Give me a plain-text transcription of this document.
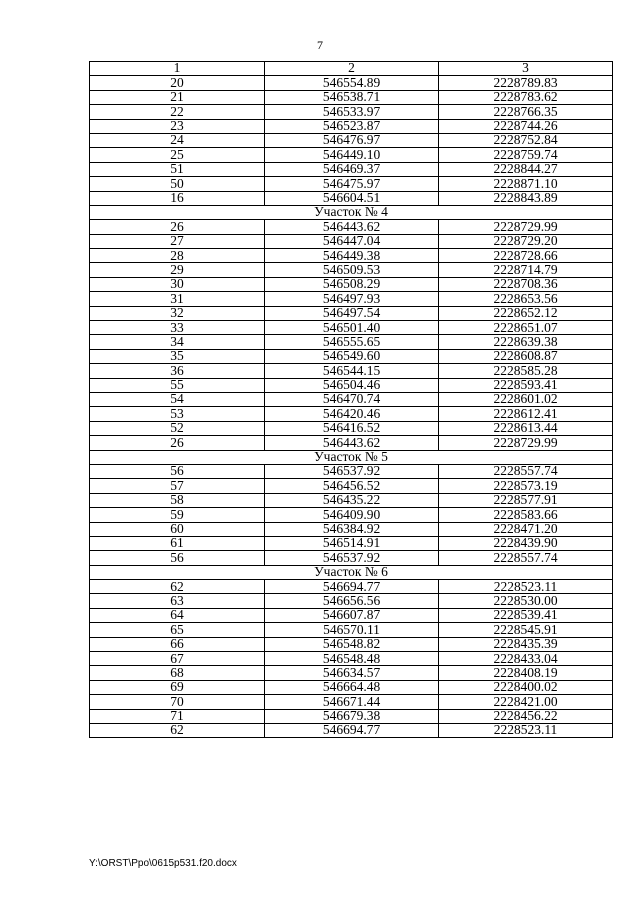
7
1	2	3
20	546554.89	2228789.83
21	546538.71	2228783.62
22	546533.97	2228766.35
23	546523.87	2228744.26
24	546476.97	2228752.84
25	546449.10	2228759.74
51	546469.37	2228844.27
50	546475.97	2228871.10
16	546604.51	2228843.89
Участок № 4		
26	546443.62	2228729.99
27	546447.04	2228729.20
28	546449.38	2228728.66
29	546509.53	2228714.79
30	546508.29	2228708.36
31	546497.93	2228653.56
32	546497.54	2228652.12
33	546501.40	2228651.07
34	546555.65	2228639.38
35	546549.60	2228608.87
36	546544.15	2228585.28
55	546504.46	2228593.41
54	546470.74	2228601.02
53	546420.46	2228612.41
52	546416.52	2228613.44
26	546443.62	2228729.99
Участок № 5		
56	546537.92	2228557.74
57	546456.52	2228573.19
58	546435.22	2228577.91
59	546409.90	2228583.66
60	546384.92	2228471.20
61	546514.91	2228439.90
56	546537.92	2228557.74
Участок № 6		
62	546694.77	2228523.11
63	546656.56	2228530.00
64	546607.87	2228539.41
65	546570.11	2228545.91
66	546548.82	2228435.39
67	546548.48	2228433.04
68	546634.57	2228408.19
69	546664.48	2228400.02
70	546671.44	2228421.00
71	546679.38	2228456.22
62	546694.77	2228523.11
Y:\ORST\Ppo\0615p531.f20.docx
